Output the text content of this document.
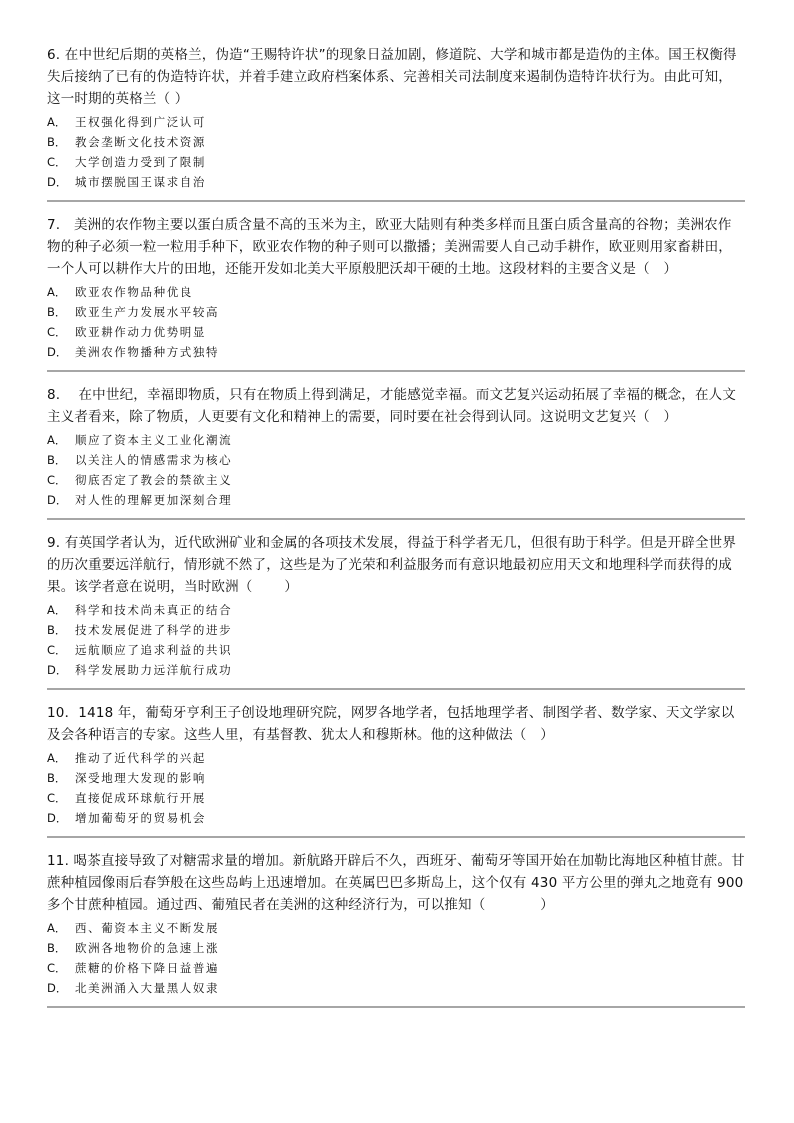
6. 在中世纪后期的英格兰，伪造“王赐特许状”的现象日益加剧，修道院、大学和城市都是造伪的主体。国王权衡得失后接纳了已有的伪造特许状，并着手建立政府档案体系、完善相关司法制度来遏制伪造特许状行为。由此可知，这一时期的英格兰（ ）

A． 王权强化得到广泛认可
B． 教会垄断文化技术资源
C． 大学创造力受到了限制
D． 城市摆脱国王谋求自治

7.　美洲的农作物主要以蛋白质含量不高的玉米为主，欧亚大陆则有种类多样而且蛋白质含量高的谷物；美洲农作物的种子必须一粒一粒用手种下，欧亚农作物的种子则可以撒播；美洲需要人自己动手耕作，欧亚则用家畜耕田，一个人可以耕作大片的田地，还能开发如北美大平原般肥沃却干硬的土地。这段材料的主要含义是（　）

A． 欧亚农作物品种优良
B． 欧亚生产力发展水平较高
C． 欧亚耕作动力优势明显
D． 美洲农作物播种方式独特

8.　 在中世纪，幸福即物质，只有在物质上得到满足，才能感觉幸福。而文艺复兴运动拓展了幸福的概念，在人文主义者看来，除了物质，人更要有文化和精神上的需要，同时要在社会得到认同。这说明文艺复兴（　）

A． 顺应了资本主义工业化潮流
B． 以关注人的情感需求为核心
C． 彻底否定了教会的禁欲主义
D． 对人性的理解更加深刻合理

9. 有英国学者认为，近代欧洲矿业和金属的各项技术发展，得益于科学者无几，但很有助于科学。但是开辟全世界的历次重要远洋航行，情形就不然了，这些是为了光荣和利益服务而有意识地最初应用天文和地理科学而获得的成果。该学者意在说明，当时欧洲（　　 ）

A． 科学和技术尚未真正的结合
B． 技术发展促进了科学的进步
C． 远航顺应了追求利益的共识
D． 科学发展助力远洋航行成功

10．1418 年，葡萄牙亨利王子创设地理研究院，网罗各地学者，包括地理学者、制图学者、数学家、天文学家以及会各种语言的专家。这些人里，有基督教、犹太人和穆斯林。他的这种做法（　）

A． 推动了近代科学的兴起
B． 深受地理大发现的影响
C． 直接促成环球航行开展
D． 增加葡萄牙的贸易机会

11. 喝茶直接导致了对糖需求量的增加。新航路开辟后不久，西班牙、葡萄牙等国开始在加勒比海地区种植甘蔗。甘蔗种植园像雨后春笋般在这些岛屿上迅速增加。在英属巴巴多斯岛上，这个仅有 430 平方公里的弹丸之地竟有 900 多个甘蔗种植园。通过西、葡殖民者在美洲的这种经济行为，可以推知（　　　　）

A． 西、葡资本主义不断发展
B． 欧洲各地物价的急速上涨
C． 蔗糖的价格下降日益普遍
D． 北美洲涌入大量黑人奴隶
